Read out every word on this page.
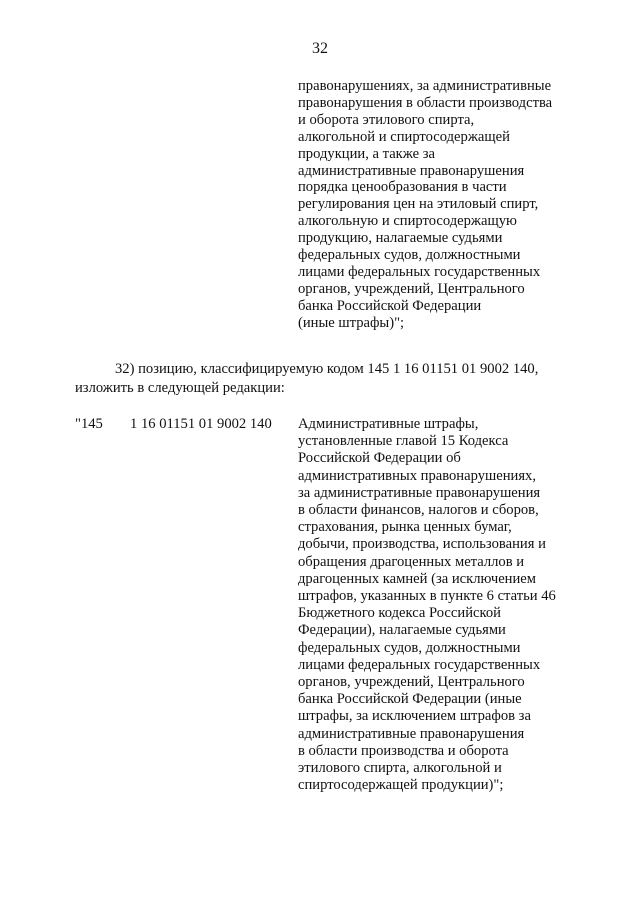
32
правонарушениях, за административные
правонарушения в области производства
и оборота этилового спирта,
алкогольной и спиртосодержащей
продукции, а также за
административные правонарушения
порядка ценообразования в части
регулирования цен на этиловый спирт,
алкогольную и спиртосодержащую
продукцию, налагаемые судьями
федеральных судов, должностными
лицами федеральных государственных
органов, учреждений, Центрального
банка Российской Федерации
(иные штрафы)";
32) позицию, классифицируемую кодом 145 1 16 01151 01 9002 140,
изложить в следующей редакции:
"145 1 16 01151 01 9002 140 Административные штрафы,
установленные главой 15 Кодекса
Российской Федерации об
административных правонарушениях,
за административные правонарушения
в области финансов, налогов и сборов,
страхования, рынка ценных бумаг,
добычи, производства, использования и
обращения драгоценных металлов и
драгоценных камней (за исключением
штрафов, указанных в пункте 6 статьи 46
Бюджетного кодекса Российской
Федерации), налагаемые судьями
федеральных судов, должностными
лицами федеральных государственных
органов, учреждений, Центрального
банка Российской Федерации (иные
штрафы, за исключением штрафов за
административные правонарушения
в области производства и оборота
этилового спирта, алкогольной и
спиртосодержащей продукции)";
